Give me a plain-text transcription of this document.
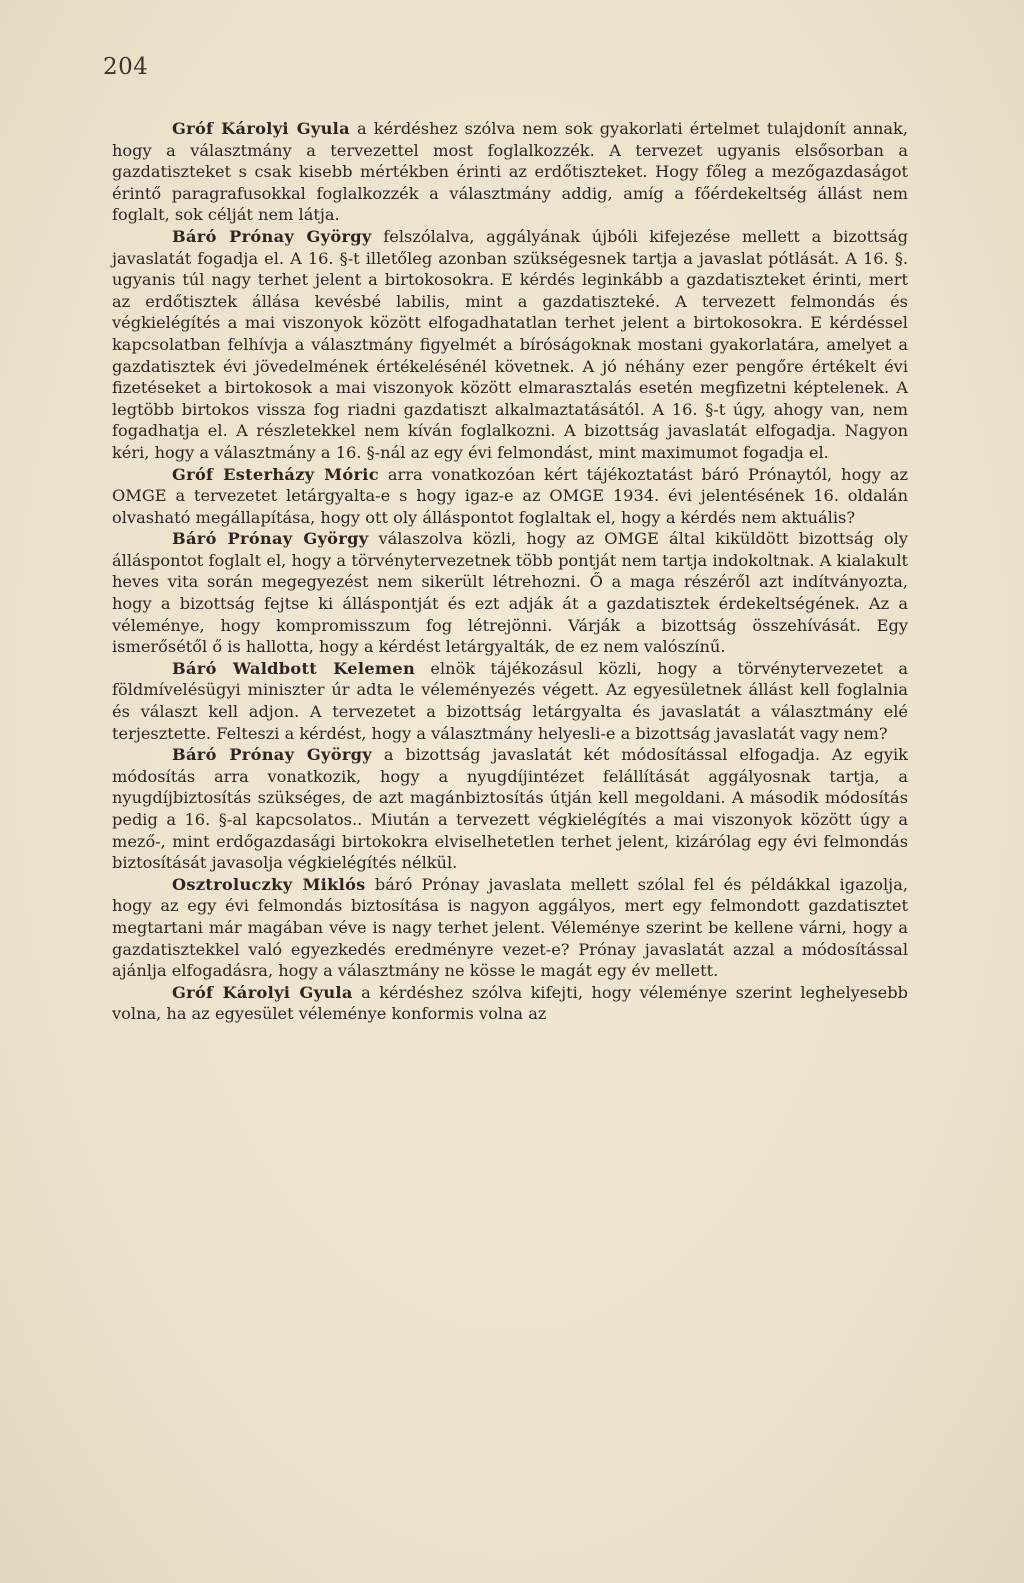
204

Gróf Károlyi Gyula a kérdéshez szólva nem sok gyakorlati értelmet tulajdonít annak, hogy a választmány a tervezettel most foglalkozzék. A tervezet ugyanis elsősorban a gazdatiszteket s csak kisebb mértékben érinti az erdőtiszteket. Hogy főleg a mezőgazdaságot érintő paragrafusokkal foglalkozzék a választmány addig, amíg a főérdekeltség állást nem foglalt, sok célját nem látja.

Báró Prónay György felszólalva, aggályának újbóli kifejezése mellett a bizottság javaslatát fogadja el. A 16. §-t illetőleg azonban szükségesnek tartja a javaslat pótlását. A 16. §. ugyanis túl nagy terhet jelent a birtokosokra. E kérdés leginkább a gazdatiszteket érinti, mert az erdőtisztek állása kevésbé labilis, mint a gazdatiszteké. A tervezett felmondás és végkielégítés a mai viszonyok között elfogadhatatlan terhet jelent a birtokosokra. E kérdéssel kapcsolatban felhívja a választmány figyelmét a bíróságoknak mostani gyakorlatára, amelyet a gazdatisztek évi jövedelmének értékelésénél követnek. A jó néhány ezer pengőre értékelt évi fizetéseket a birtokosok a mai viszonyok között elmarasztalás esetén megfizetni képtelenek. A legtöbb birtokos vissza fog riadni gazdatiszt alkalmaztatásától. A 16. §-t úgy, ahogy van, nem fogadhatja el. A részletekkel nem kíván foglalkozni. A bizottság javaslatát elfogadja. Nagyon kéri, hogy a választmány a 16. §-nál az egy évi felmondást, mint maximumot fogadja el.

Gróf Esterházy Móric arra vonatkozóan kért tájékoztatást báró Prónaytól, hogy az OMGE a tervezetet letárgyalta-e s hogy igaz-e az OMGE 1934. évi jelentésének 16. oldalán olvasható megállapítása, hogy ott oly álláspontot foglaltak el, hogy a kérdés nem aktuális?

Báró Prónay György válaszolva közli, hogy az OMGE által kiküldött bizottság oly álláspontot foglalt el, hogy a törvénytervezetnek több pontját nem tartja indokoltnak. A kialakult heves vita során megegyezést nem sikerült létrehozni. Ő a maga részéről azt indítványozta, hogy a bizottság fejtse ki álláspontját és ezt adják át a gazdatisztek érdekeltségének. Az a véleménye, hogy kompromisszum fog létrejönni. Várják a bizottság összehívását. Egy ismerősétől ő is hallotta, hogy a kérdést letárgyalták, de ez nem valószínű.

Báró Waldbott Kelemen elnök tájékozásul közli, hogy a törvénytervezetet a földmívelésügyi miniszter úr adta le véleményezés végett. Az egyesületnek állást kell foglalnia és választ kell adjon. A tervezetet a bizottság letárgyalta és javaslatát a választmány elé terjesztette. Felteszi a kérdést, hogy a választmány helyesli-e a bizottság javaslatát vagy nem?

Báró Prónay György a bizottság javaslatát két módosítással elfogadja. Az egyik módosítás arra vonatkozik, hogy a nyugdíjintézet felállítását aggályosnak tartja, a nyugdíjbiztosítás szükséges, de azt magánbiztosítás útján kell megoldani. A második módosítás pedig a 16. §-al kapcsolatos.. Miután a tervezett végkielégítés a mai viszonyok között úgy a mező-, mint erdőgazdasági birtokokra elviselhetetlen terhet jelent, kizárólag egy évi felmondás biztosítását javasolja végkielégítés nélkül.

Osztroluczky Miklós báró Prónay javaslata mellett szólal fel és példákkal igazolja, hogy az egy évi felmondás biztosítása is nagyon aggályos, mert egy felmondott gazdatisztet megtartani már magában véve is nagy terhet jelent. Véleménye szerint be kellene várni, hogy a gazdatisztekkel való egyezkedés eredményre vezet-e? Prónay javaslatát azzal a módosítással ajánlja elfogadásra, hogy a választmány ne kösse le magát egy év mellett.

Gróf Károlyi Gyula a kérdéshez szólva kifejti, hogy véleménye szerint leghelyesebb volna, ha az egyesület véleménye konformis volna az
